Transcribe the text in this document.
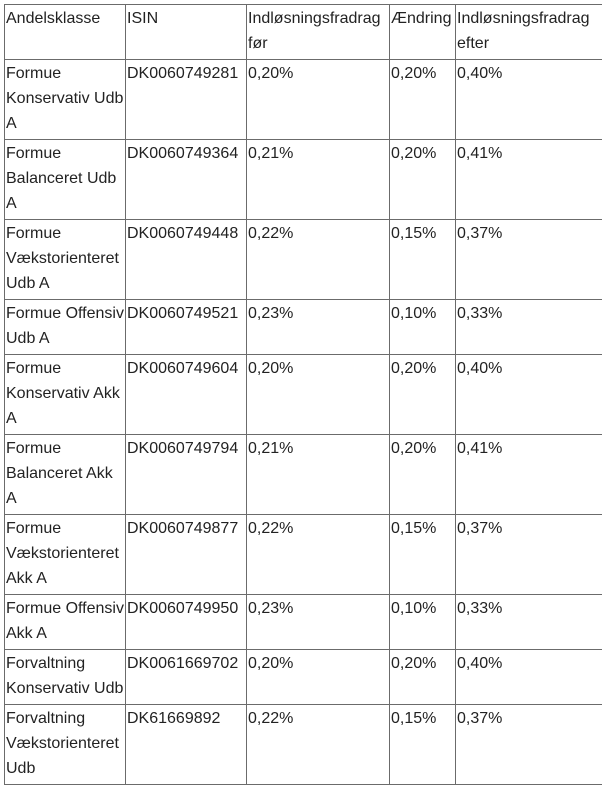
Andelsklasse	ISIN	Indløsningsfradrag før	Ændring	Indløsningsfradrag efter
Formue Konservativ Udb A	DK0060749281	0,20%	0,20%	0,40%
Formue Balanceret Udb A	DK0060749364	0,21%	0,20%	0,41%
Formue Vækstorienteret Udb A	DK0060749448	0,22%	0,15%	0,37%
Formue Offensiv Udb A	DK0060749521	0,23%	0,10%	0,33%
Formue Konservativ Akk A	DK0060749604	0,20%	0,20%	0,40%
Formue Balanceret Akk A	DK0060749794	0,21%	0,20%	0,41%
Formue Vækstorienteret Akk A	DK0060749877	0,22%	0,15%	0,37%
Formue Offensiv Akk A	DK0060749950	0,23%	0,10%	0,33%
Forvaltning Konservativ Udb	DK0061669702	0,20%	0,20%	0,40%
Forvaltning Vækstorienteret Udb	DK61669892	0,22%	0,15%	0,37%
